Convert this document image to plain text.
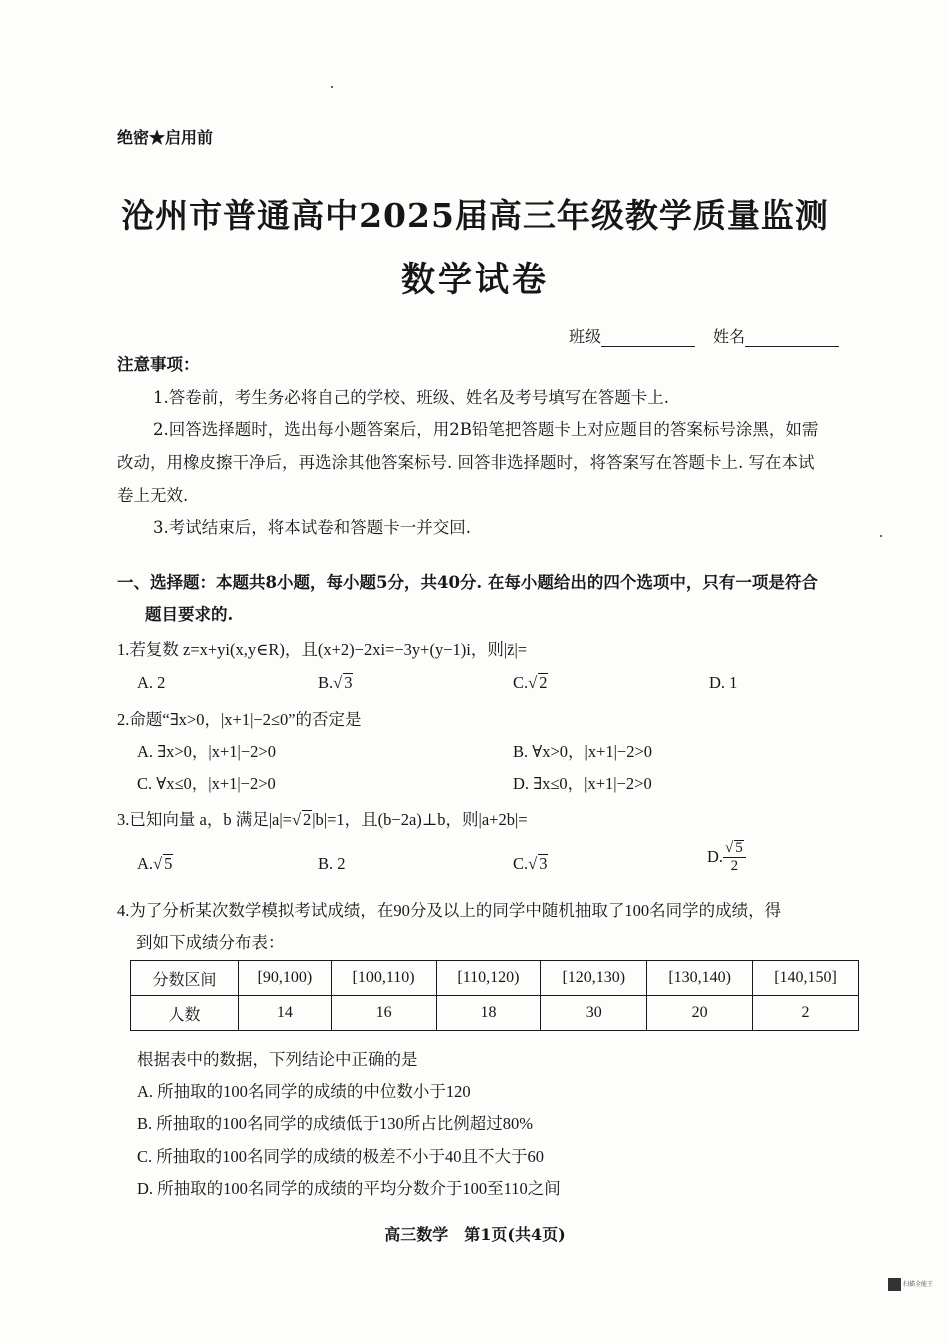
绝密★启用前
沧州市普通高中2025届高三年级教学质量监测
数学试卷
班级	姓名
注意事项：
1.答卷前，考生务必将自己的学校、班级、姓名及考号填写在答题卡上.
2.回答选择题时，选出每小题答案后，用2B铅笔把答题卡上对应题目的答案标号涂黑，如需
改动，用橡皮擦干净后，再选涂其他答案标号. 回答非选择题时，将答案写在答题卡上. 写在本试
卷上无效.
3.考试结束后，将本试卷和答题卡一并交回.
一、选择题：本题共8小题，每小题5分，共40分. 在每小题给出的四个选项中，只有一项是符合
题目要求的.
1.若复数 z=x+yi(x,y∈R)，且(x+2)−2xi=−3y+(y−1)i，则|z̄|=
A. 2	B.√ 3	C.√ 2	D. 1
2.命题“∃x>0，|x+1|−2≤0”的否定是
A. ∃x>0，|x+1|−2>0	B. ∀x>0，|x+1|−2>0
C. ∀x≤0，|x+1|−2>0	D. ∃x≤0，|x+1|−2>0
3.已知向量 a，b 满足|a|=√ 2|b|=1，且(b−2a)⊥b，则|a+2b|=
A.√ 5	B. 2	C.√ 3	D. $\frac{√ 5}{2}$
4.为了分析某次数学模拟考试成绩，在90分及以上的同学中随机抽取了100名同学的成绩，得
到如下成绩分布表：
分数区间	[90,100)	[100,110)	[110,120)	[120,130)	[130,140)	[140,150]
人数	14	16	18	30	20	2
根据表中的数据，下列结论中正确的是
A. 所抽取的100名同学的成绩的中位数小于120
B. 所抽取的100名同学的成绩低于130所占比例超过80%
C. 所抽取的100名同学的成绩的极差不小于40且不大于60
D. 所抽取的100名同学的成绩的平均分数介于100至110之间
高三数学　第1页(共4页)
扫描全能王
